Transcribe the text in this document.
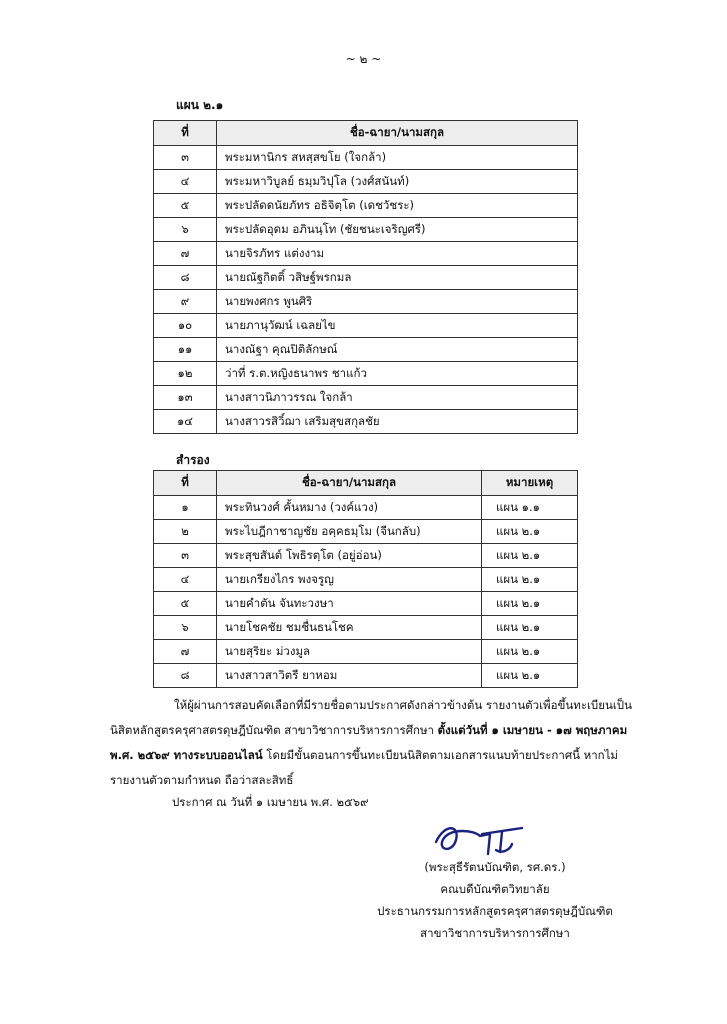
~ ๒ ~
แผน ๒.๑
ที่	ชื่อ-ฉายา/นามสกุล
๓	พระมหานิกร สหสฺสขโย (ใจกล้า)
๔	พระมหาวิบูลย์ ธมฺมวิปุโล (วงศ์สนันท์)
๕	พระปลัดดนัยภัทร อธิจิตฺโต (เดชวัชระ)
๖	พระปลัดอุดม อภินนฺโท (ชัยชนะเจริญศรี)
๗	นายจิรภัทร แต่งงาม
๘	นายณัฐกิตติ์ วสิษฐ์พรกมล
๙	นายพงศกร พูนศิริ
๑๐	นายภานุวัฒน์ เฉลยไข
๑๑	นางณัฐา คุณปิติลักษณ์
๑๒	ว่าที่ ร.ต.หญิงธนาพร ชาแก้ว
๑๓	นางสาวนิภาวรรณ ใจกล้า
๑๔	นางสาวรสิวิ์ฌา เสริมสุขสกุลชัย
สำรอง
ที่	ชื่อ-ฉายา/นามสกุล	หมายเหตุ
๑	พระทินวงศ์ คั้นหมาง (วงค์แวง)	แผน ๑.๑
๒	พระไบฎีกาชาญชัย อคฺคธมฺโม (จีนกลับ)	แผน ๒.๑
๓	พระสุขสันต์ โพธิรตฺโต (อยู่อ่อน)	แผน ๒.๑
๔	นายเกรียงไกร พงจรูญ	แผน ๒.๑
๕	นายคำตัน จันทะวงษา	แผน ๒.๑
๖	นายโชคชัย ชมชื่นธนโชค	แผน ๒.๑
๗	นายสุริยะ ม่วงมูล	แผน ๒.๑
๘	นางสาวสาวิตรี ยาหอม	แผน ๒.๑
ให้ผู้ผ่านการสอบคัดเลือกที่มีรายชื่อตามประกาศดังกล่าวข้างต้น รายงานตัวเพื่อขึ้นทะเบียนเป็นนิสิตหลักสูตรครุศาสตรดุษฎีบัณฑิต สาขาวิชาการบริหารการศึกษา ตั้งแต่วันที่ ๑ เมษายน - ๑๗ พฤษภาคม พ.ศ. ๒๕๖๙ ทางระบบออนไลน์ โดยมีขั้นตอนการขึ้นทะเบียนนิสิตตามเอกสารแนบท้ายประกาศนี้ หากไม่รายงานตัวตามกำหนด ถือว่าสละสิทธิ์
ประกาศ ณ วันที่ ๑ เมษายน พ.ศ. ๒๕๖๙
(พระสุธีรัตนบัณฑิต, รศ.ดร.)
คณบดีบัณฑิตวิทยาลัย
ประธานกรรมการหลักสูตรครุศาสตรดุษฎีบัณฑิต
สาขาวิชาการบริหารการศึกษา
